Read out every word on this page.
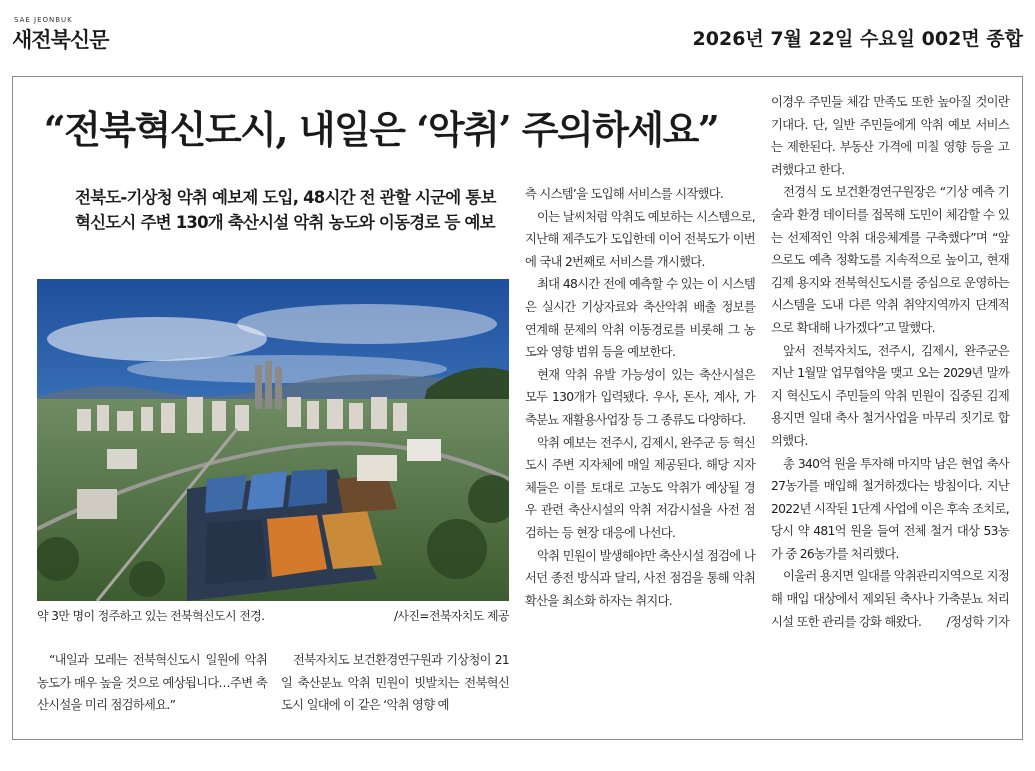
SAE JEONBUK
새전북신문	2026년 7월 22일 수요일 002면 종합
“전북혁신도시, 내일은 ‘악취’ 주의하세요”
전북도-기상청 악취 예보제 도입, 48시간 전 관할 시군에 통보
혁신도시 주변 130개 축산시설 악취 농도와 이동경로 등 예보
약 3만 명이 정주하고 있는 전북혁신도시 전경.	/사진=전북자치도 제공

“내일과 모레는 전북혁신도시 일원에 악취 농도가 매우 높을 것으로 예상됩니다…주변 축산시설을 미리 점검하세요.”

전북자치도 보건환경연구원과 기상청이 21일 축산분뇨 악취 민원이 빗발치는 전북혁신도시 일대에 이 같은 ‘악취 영향 예

측 시스템’을 도입해 서비스를 시작했다.

이는 날씨처럼 악취도 예보하는 시스템으로, 지난해 제주도가 도입한데 이어 전북도가 이번에 국내 2번째로 서비스를 개시했다.

최대 48시간 전에 예측할 수 있는 이 시스템은 실시간 기상자료와 축산악취 배출 정보를 연계해 문제의 악취 이동경로를 비롯해 그 농도와 영향 범위 등을 예보한다.

현재 악취 유발 가능성이 있는 축산시설은 모두 130개가 입력됐다. 우사, 돈사, 계사, 가축분뇨 재활용사업장 등 그 종류도 다양하다.

악취 예보는 전주시, 김제시, 완주군 등 혁신도시 주변 지자체에 매일 제공된다. 해당 지자체들은 이를 토대로 고농도 악취가 예상될 경우 관련 축산시설의 악취 저감시설을 사전 점검하는 등 현장 대응에 나선다.

악취 민원이 발생해야만 축산시설 점검에 나서던 종전 방식과 달리, 사전 점검을 통해 악취 확산을 최소화 하자는 취지다.

이경우 주민들 체감 만족도 또한 높아질 것이란 기대다. 단, 일반 주민들에게 악취 예보 서비스는 제한된다. 부동산 가격에 미칠 영향 등을 고려했다고 한다.

전경식 도 보건환경연구원장은 “기상 예측 기술과 환경 데이터를 접목해 도민이 체감할 수 있는 선제적인 악취 대응체계를 구축했다”며 “앞으로도 예측 정확도를 지속적으로 높이고, 현재 김제 용지와 전북혁신도시를 중심으로 운영하는 시스템을 도내 다른 악취 취약지역까지 단계적으로 확대해 나가겠다”고 말했다.

앞서 전북자치도, 전주시, 김제시, 완주군은 지난 1월말 업무협약을 맺고 오는 2029년 말까지 혁신도시 주민들의 악취 민원이 집중된 김제 용지면 일대 축사 철거사업을 마무리 짓기로 합의했다.

총 340억 원을 투자해 마지막 남은 현업 축사 27농가를 매입해 철거하겠다는 방침이다. 지난 2022년 시작된 1단계 사업에 이은 후속 조치로, 당시 약 481억 원을 들여 전체 철거 대상 53농가 중 26농가를 처리했다.

이울러 용지면 일대를 악취관리지역으로 지정해 매입 대상에서 제외된 축사나 가축분뇨 처리시설 또한 관리를 강화 해왔다. /정성학 기자
